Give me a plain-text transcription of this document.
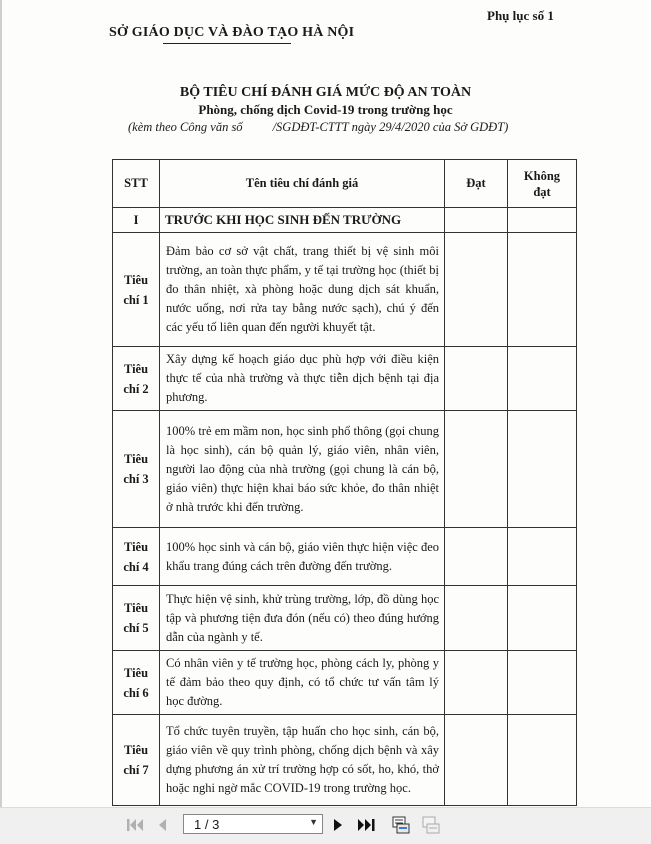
Phụ lục số 1
SỞ GIÁO DỤC VÀ ĐÀO TẠO HÀ NỘI
BỘ TIÊU CHÍ ĐÁNH GIÁ MỨC ĐỘ AN TOÀN
Phòng, chống dịch Covid-19 trong trường học
(kèm theo Công văn số /SGDĐT-CTTT ngày 29/4/2020 của Sở GDĐT)
STT	Tên tiêu chí đánh giá	Đạt	Không đạt

I	TRƯỚC KHI HỌC SINH ĐẾN TRƯỜNG		

Tiêu chí 1	Đảm bảo cơ sở vật chất, trang thiết bị vệ sinh môi trường, an toàn thực phẩm, y tế tại trường học (thiết bị đo thân nhiệt, xà phòng hoặc dung dịch sát khuẩn, nước uống, nơi rửa tay bằng nước sạch), chú ý đến các yếu tố liên quan đến người khuyết tật.		

Tiêu chí 2	Xây dựng kế hoạch giáo dục phù hợp với điều kiện thực tế của nhà trường và thực tiễn dịch bệnh tại địa phương.		

Tiêu chí 3	100% trẻ em mầm non, học sinh phổ thông (gọi chung là học sinh), cán bộ quản lý, giáo viên, nhân viên, người lao động của nhà trường (gọi chung là cán bộ, giáo viên) thực hiện khai báo sức khỏe, đo thân nhiệt ở nhà trước khi đến trường.		

Tiêu chí 4	100% học sinh và cán bộ, giáo viên thực hiện việc đeo khẩu trang đúng cách trên đường đến trường.		

Tiêu chí 5	Thực hiện vệ sinh, khử trùng trường, lớp, đồ dùng học tập và phương tiện đưa đón (nếu có) theo đúng hướng dẫn của ngành y tế.		

Tiêu chí 6	Có nhân viên y tế trường học, phòng cách ly, phòng y tế đảm bảo theo quy định, có tổ chức tư vấn tâm lý học đường.		

Tiêu chí 7	Tổ chức tuyên truyền, tập huấn cho học sinh, cán bộ, giáo viên về quy trình phòng, chống dịch bệnh và xây dựng phương án xử trí trường hợp có sốt, ho, khó, thở hoặc nghi ngờ mắc COVID-19 trong trường học.		
1 / 3	▼
